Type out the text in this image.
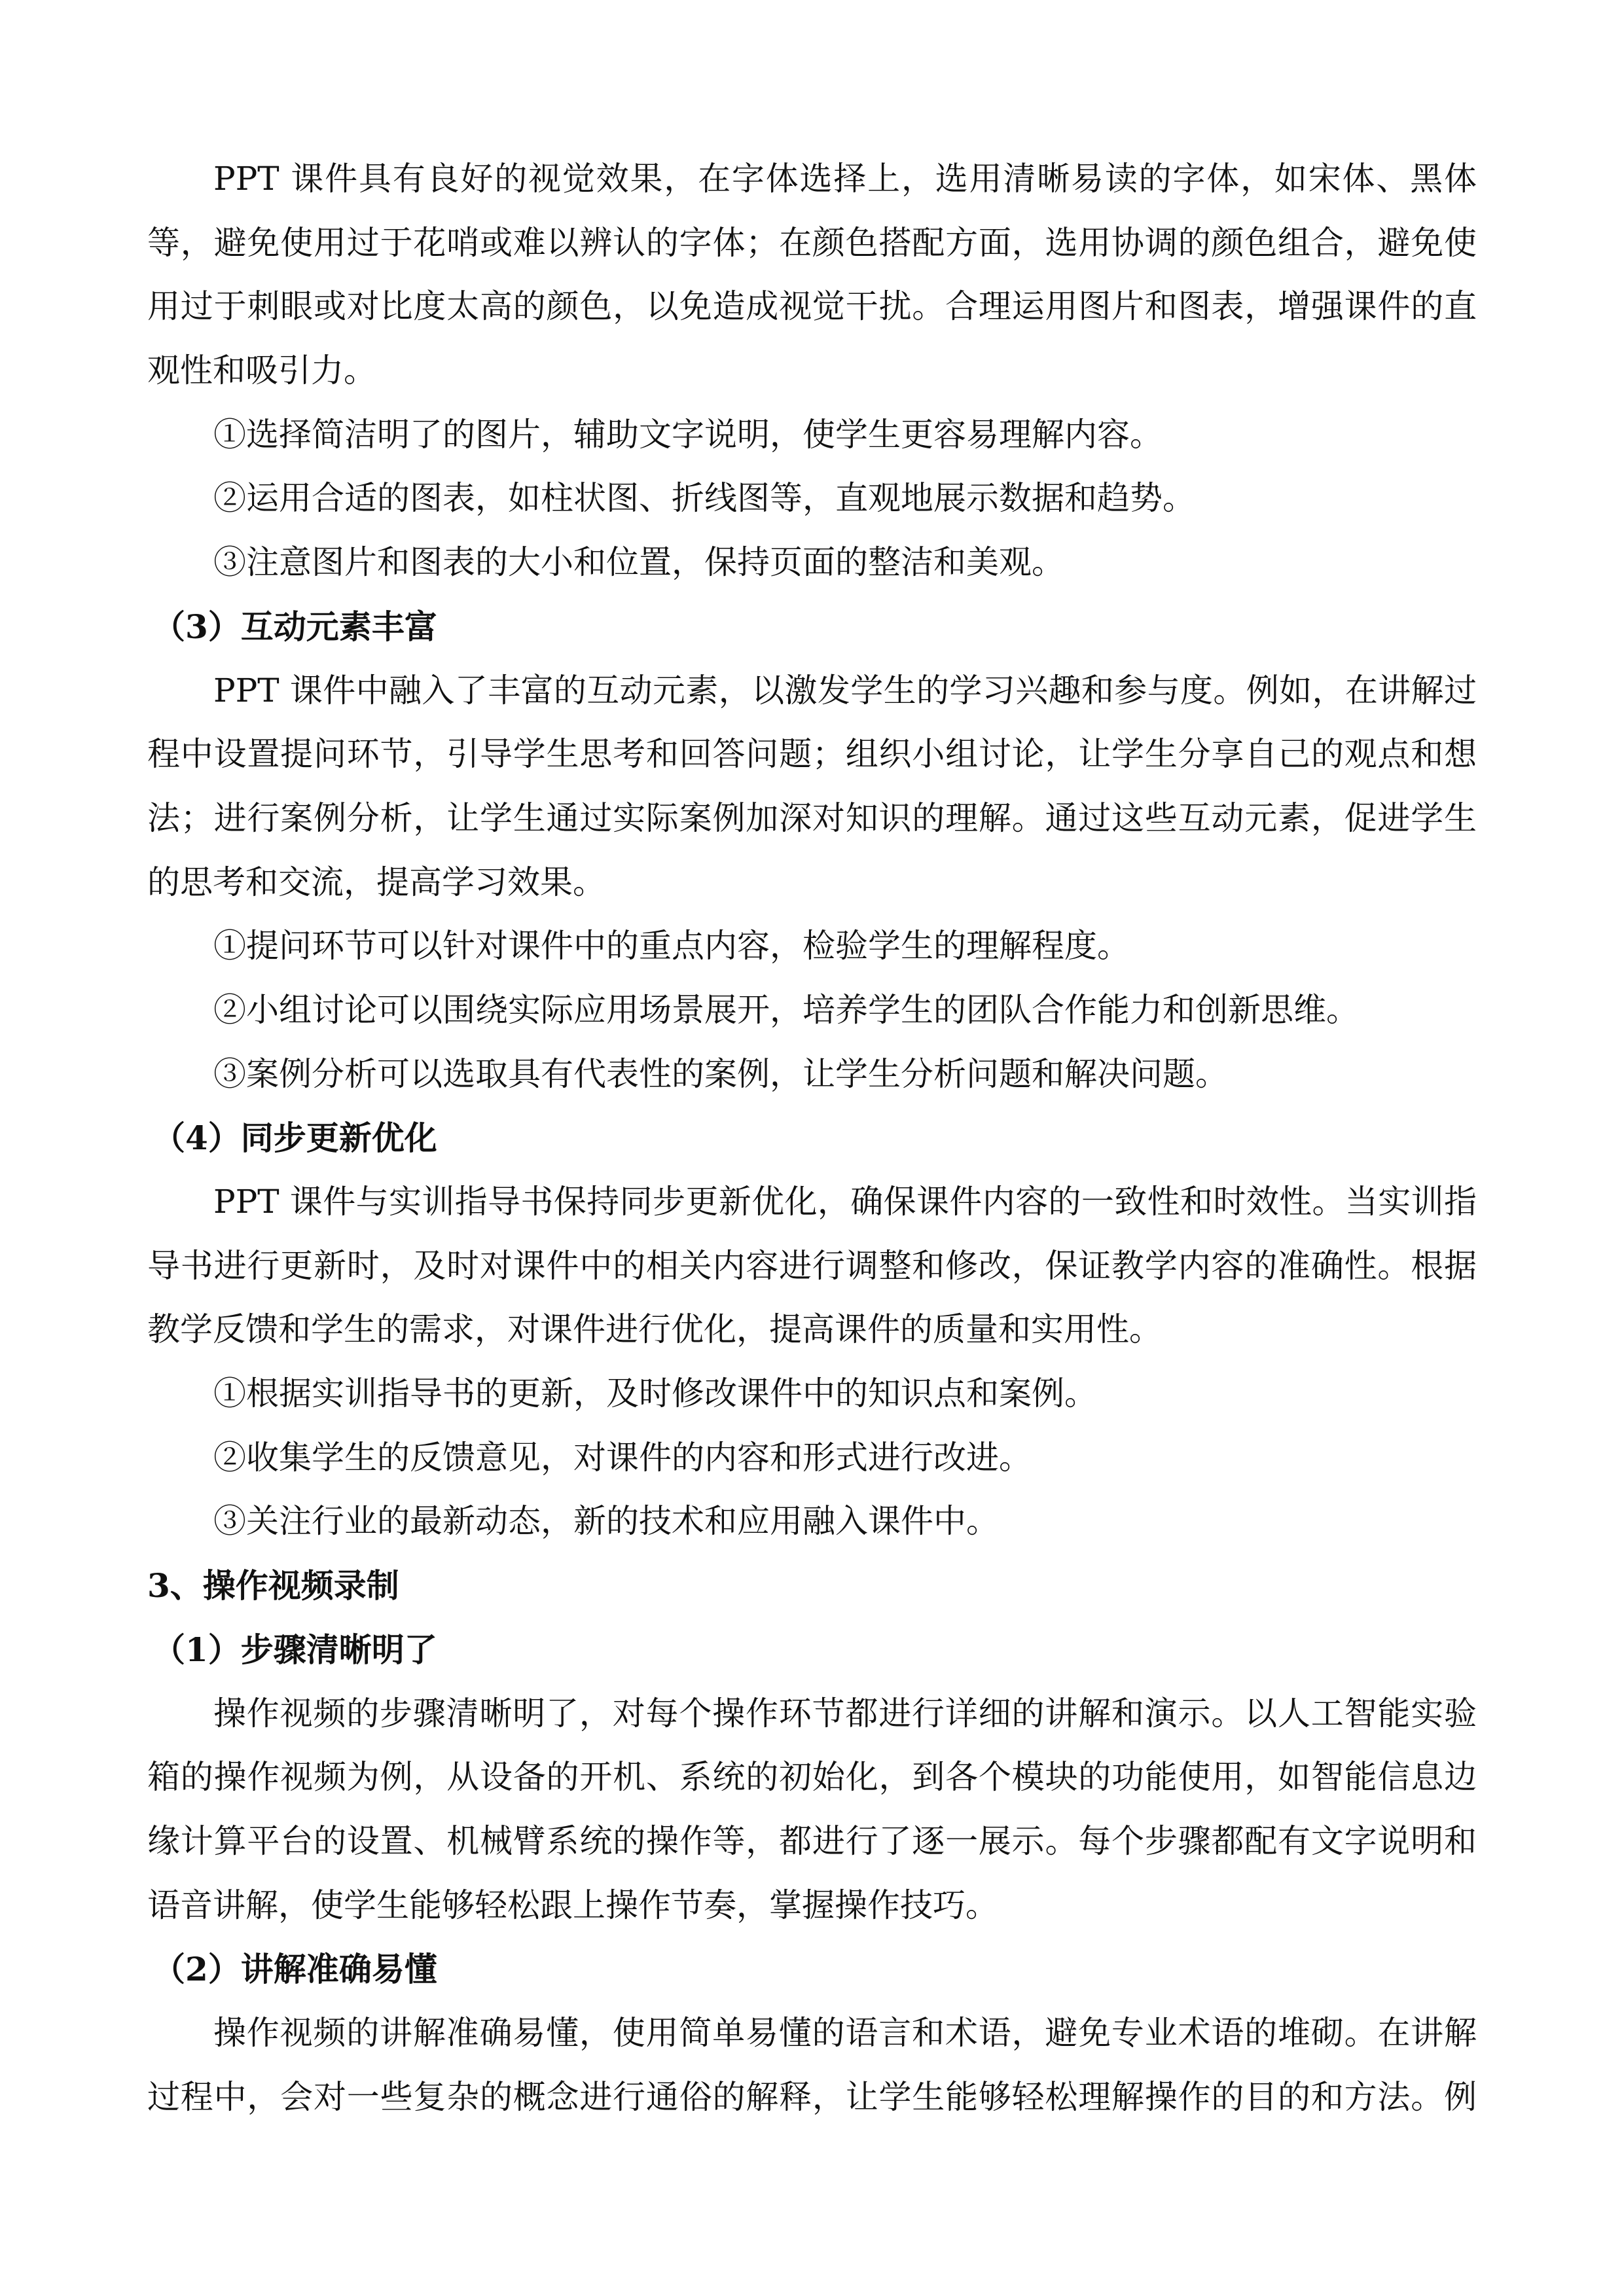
PPT 课件具有良好的视觉效果，在字体选择上，选用清晰易读的字体，如宋体、黑体
等，避免使用过于花哨或难以辨认的字体；在颜色搭配方面，选用协调的颜色组合，避免使
用过于刺眼或对比度太高的颜色，以免造成视觉干扰。合理运用图片和图表，增强课件的直
观性和吸引力。
①选择简洁明了的图片，辅助文字说明，使学生更容易理解内容。
②运用合适的图表，如柱状图、折线图等，直观地展示数据和趋势。
③注意图片和图表的大小和位置，保持页面的整洁和美观。
（3）互动元素丰富
PPT 课件中融入了丰富的互动元素，以激发学生的学习兴趣和参与度。例如，在讲解过
程中设置提问环节，引导学生思考和回答问题；组织小组讨论，让学生分享自己的观点和想
法；进行案例分析，让学生通过实际案例加深对知识的理解。通过这些互动元素，促进学生
的思考和交流，提高学习效果。
①提问环节可以针对课件中的重点内容，检验学生的理解程度。
②小组讨论可以围绕实际应用场景展开，培养学生的团队合作能力和创新思维。
③案例分析可以选取具有代表性的案例，让学生分析问题和解决问题。
（4）同步更新优化
PPT 课件与实训指导书保持同步更新优化，确保课件内容的一致性和时效性。当实训指
导书进行更新时，及时对课件中的相关内容进行调整和修改，保证教学内容的准确性。根据
教学反馈和学生的需求，对课件进行优化，提高课件的质量和实用性。
①根据实训指导书的更新，及时修改课件中的知识点和案例。
②收集学生的反馈意见，对课件的内容和形式进行改进。
③关注行业的最新动态，新的技术和应用融入课件中。
3、操作视频录制
（1）步骤清晰明了
操作视频的步骤清晰明了，对每个操作环节都进行详细的讲解和演示。以人工智能实验
箱的操作视频为例，从设备的开机、系统的初始化，到各个模块的功能使用，如智能信息边
缘计算平台的设置、机械臂系统的操作等，都进行了逐一展示。每个步骤都配有文字说明和
语音讲解，使学生能够轻松跟上操作节奏，掌握操作技巧。
（2）讲解准确易懂
操作视频的讲解准确易懂，使用简单易懂的语言和术语，避免专业术语的堆砌。在讲解
过程中，会对一些复杂的概念进行通俗的解释，让学生能够轻松理解操作的目的和方法。例
